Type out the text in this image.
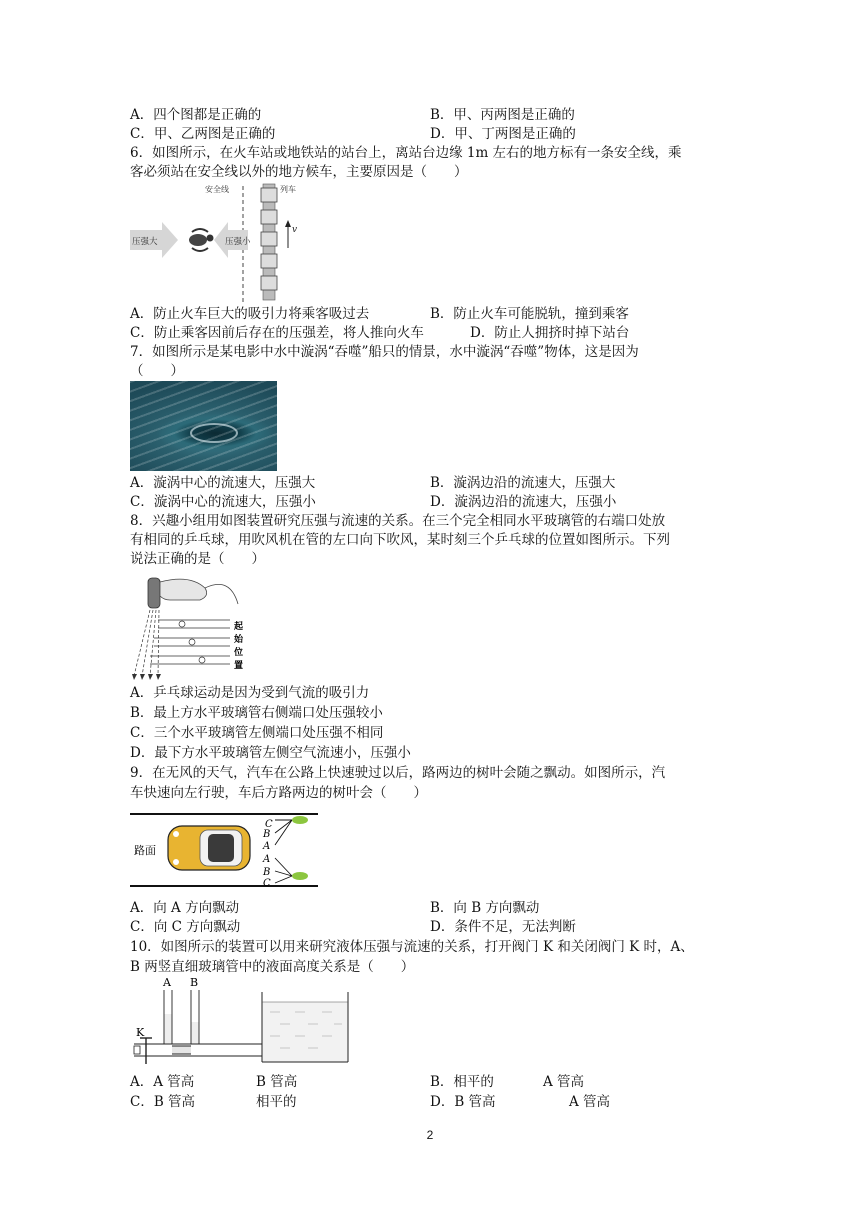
A．四个图都是正确的	B．甲、丙两图是正确的
C．甲、乙两图是正确的	D．甲、丁两图是正确的
6．如图所示，在火车站或地铁站的站台上，离站台边缘 1m 左右的地方标有一条安全线，乘
客必须站在安全线以外的地方候车，主要原因是（　　）
安全线	列车
v
压强大	压强小
A．防止火车巨大的吸引力将乘客吸过去	B．防止火车可能脱轨，撞到乘客
C．防止乘客因前后存在的压强差，将人推向火车	D．防止人拥挤时掉下站台
7．如图所示是某电影中水中漩涡“吞噬”船只的情景，水中漩涡“吞噬”物体，这是因为
（　　）
A．漩涡中心的流速大，压强大	B．漩涡边沿的流速大，压强大
C．漩涡中心的流速大，压强小	D．漩涡边沿的流速大，压强小
8．兴趣小组用如图装置研究压强与流速的关系。在三个完全相同水平玻璃管的右端口处放
有相同的乒乓球，用吹风机在管的左口向下吹风，某时刻三个乒乓球的位置如图所示。下列
说法正确的是（　　）
起
始
位
置
A．乒乓球运动是因为受到气流的吸引力
B．最上方水平玻璃管右侧端口处压强较小
C．三个水平玻璃管左侧端口处压强不相同
D．最下方水平玻璃管左侧空气流速小，压强小
9．在无风的天气，汽车在公路上快速驶过以后，路两边的树叶会随之飘动。如图所示，汽
车快速向左行驶，车后方路两边的树叶会（　　）
路面
C
B
A
A
B
C
A．向 A 方向飘动	B．向 B 方向飘动
C．向 C 方向飘动	D．条件不足，无法判断
10．如图所示的装置可以用来研究液体压强与流速的关系，打开阀门 K 和关闭阀门 K 时，A、
B 两竖直细玻璃管中的液面高度关系是（　　）
A B
K
A．A 管高	B 管高	B．相平的	A 管高
C．B 管高	相平的	D．B 管高	A 管高
2
